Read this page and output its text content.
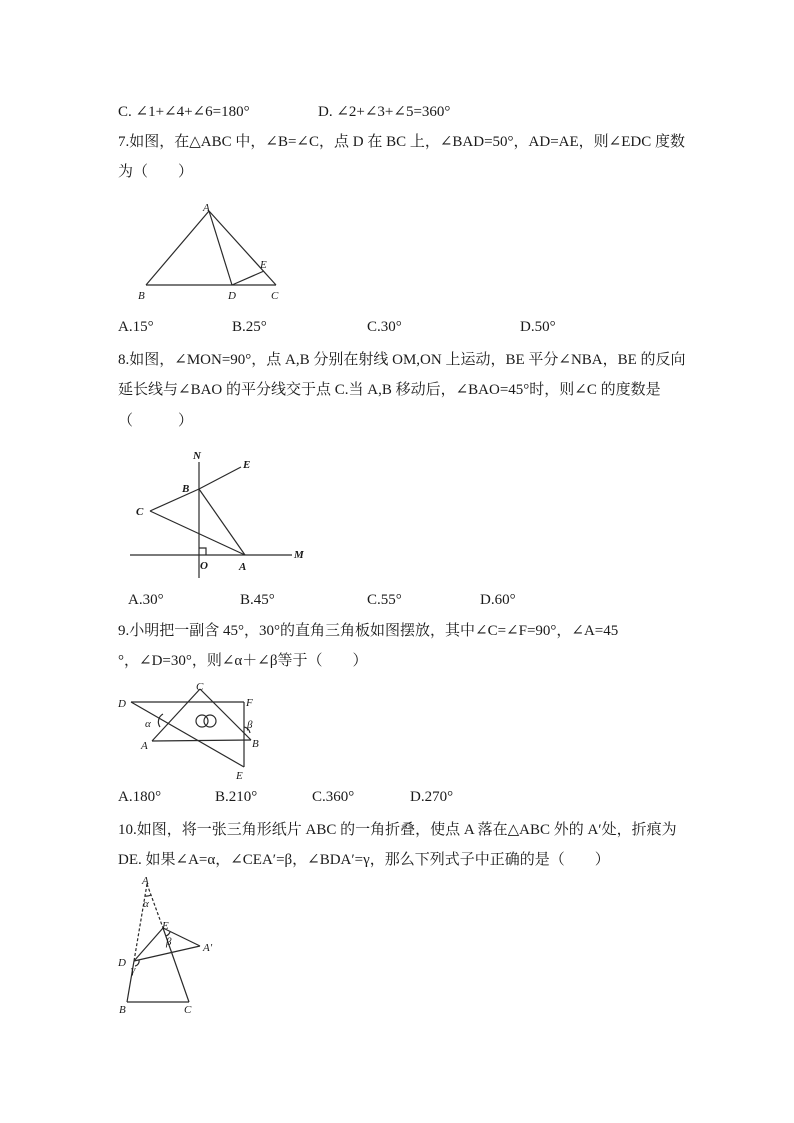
C. ∠1+∠4+∠6=180°	D. ∠2+∠3+∠5=360°
7.如图，在△ABC 中，∠B=∠C，点 D 在 BC 上，∠BAD=50°，AD=AE，则∠EDC 度数
为（　　）
A
E
B	D	C
A.15°	B.25°	C.30°	D.50°
8.如图，∠MON=90°，点 A,B 分别在射线 OM,ON 上运动，BE 平分∠NBA，BE 的反向
延长线与∠BAO 的平分线交于点 C.当 A,B 移动后，∠BAO=45°时，则∠C 的度数是
（　　　）
N
E
B
C
O	A
M
A.30°	B.45°	C.55°	D.60°
9.小明把一副含 45°，30°的直角三角板如图摆放，其中∠C=∠F=90°，∠A=45
°，∠D=30°，则∠α＋∠β等于（　　）
D
C
F
α	β
A	B
E
A.180°	B.210°	C.360°	D.270°
10.如图，将一张三角形纸片 ABC 的一角折叠，使点 A 落在△ABC 外的 A′处，折痕为
DE. 如果∠A=α，∠CEA′=β，∠BDA′=γ，那么下列式子中正确的是（　　）
A
α
E
β	A′
D
γ
B	C
